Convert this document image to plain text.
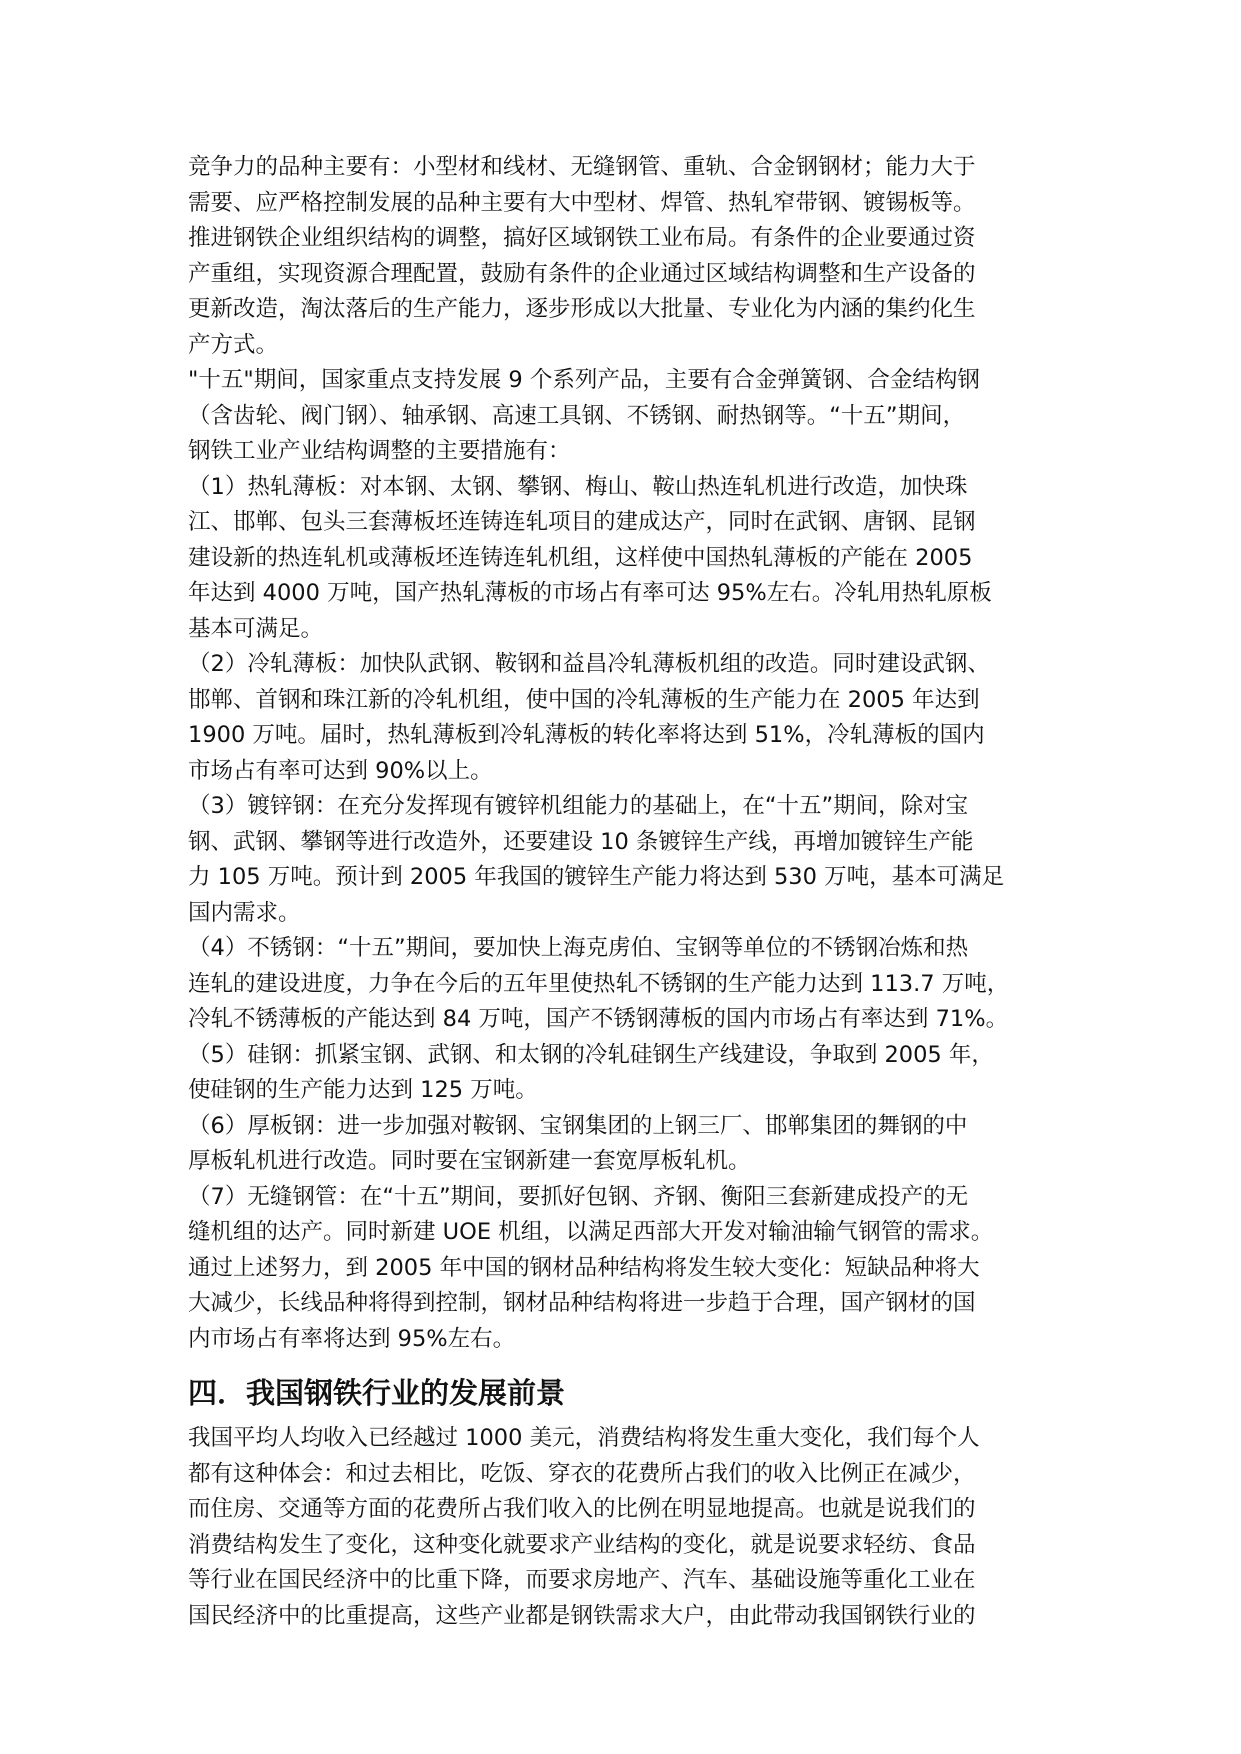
竞争力的品种主要有：小型材和线材、无缝钢管、重轨、合金钢钢材；能力大于

需要、应严格控制发展的品种主要有大中型材、焊管、热轧窄带钢、镀锡板等。

推进钢铁企业组织结构的调整，搞好区域钢铁工业布局。有条件的企业要通过资

产重组，实现资源合理配置，鼓励有条件的企业通过区域结构调整和生产设备的

更新改造，淘汰落后的生产能力，逐步形成以大批量、专业化为内涵的集约化生

产方式。

"十五"期间，国家重点支持发展 9 个系列产品，主要有合金弹簧钢、合金结构钢

（含齿轮、阀门钢）、轴承钢、高速工具钢、不锈钢、耐热钢等。“十五”期间，

钢铁工业产业结构调整的主要措施有：

（1）热轧薄板：对本钢、太钢、攀钢、梅山、鞍山热连轧机进行改造，加快珠

江、邯郸、包头三套薄板坯连铸连轧项目的建成达产，同时在武钢、唐钢、昆钢

建设新的热连轧机或薄板坯连铸连轧机组，这样使中国热轧薄板的产能在 2005

年达到 4000 万吨，国产热轧薄板的市场占有率可达 95%左右。冷轧用热轧原板

基本可满足。

（2）冷轧薄板：加快队武钢、鞍钢和益昌冷轧薄板机组的改造。同时建设武钢、

邯郸、首钢和珠江新的冷轧机组，使中国的冷轧薄板的生产能力在 2005 年达到

1900 万吨。届时，热轧薄板到冷轧薄板的转化率将达到 51%，冷轧薄板的国内

市场占有率可达到 90%以上。

（3）镀锌钢：在充分发挥现有镀锌机组能力的基础上，在“十五”期间，除对宝

钢、武钢、攀钢等进行改造外，还要建设 10 条镀锌生产线，再增加镀锌生产能

力 105 万吨。预计到 2005 年我国的镀锌生产能力将达到 530 万吨，基本可满足

国内需求。

（4）不锈钢：“十五”期间，要加快上海克虏伯、宝钢等单位的不锈钢冶炼和热

连轧的建设进度，力争在今后的五年里使热轧不锈钢的生产能力达到 113.7 万吨，

冷轧不锈薄板的产能达到 84 万吨，国产不锈钢薄板的国内市场占有率达到 71%。

（5）硅钢：抓紧宝钢、武钢、和太钢的冷轧硅钢生产线建设，争取到 2005 年，

使硅钢的生产能力达到 125 万吨。

（6）厚板钢：进一步加强对鞍钢、宝钢集团的上钢三厂、邯郸集团的舞钢的中

厚板轧机进行改造。同时要在宝钢新建一套宽厚板轧机。

（7）无缝钢管：在“十五”期间，要抓好包钢、齐钢、衡阳三套新建成投产的无

缝机组的达产。同时新建 UOE 机组，以满足西部大开发对输油输气钢管的需求。

通过上述努力，到 2005 年中国的钢材品种结构将发生较大变化：短缺品种将大

大减少，长线品种将得到控制，钢材品种结构将进一步趋于合理，国产钢材的国

内市场占有率将达到 95%左右。

四．我国钢铁行业的发展前景

我国平均人均收入已经越过 1000 美元，消费结构将发生重大变化，我们每个人

都有这种体会：和过去相比，吃饭、穿衣的花费所占我们的收入比例正在减少，

而住房、交通等方面的花费所占我们收入的比例在明显地提高。也就是说我们的

消费结构发生了变化，这种变化就要求产业结构的变化，就是说要求轻纺、食品

等行业在国民经济中的比重下降，而要求房地产、汽车、基础设施等重化工业在

国民经济中的比重提高，这些产业都是钢铁需求大户，由此带动我国钢铁行业的
